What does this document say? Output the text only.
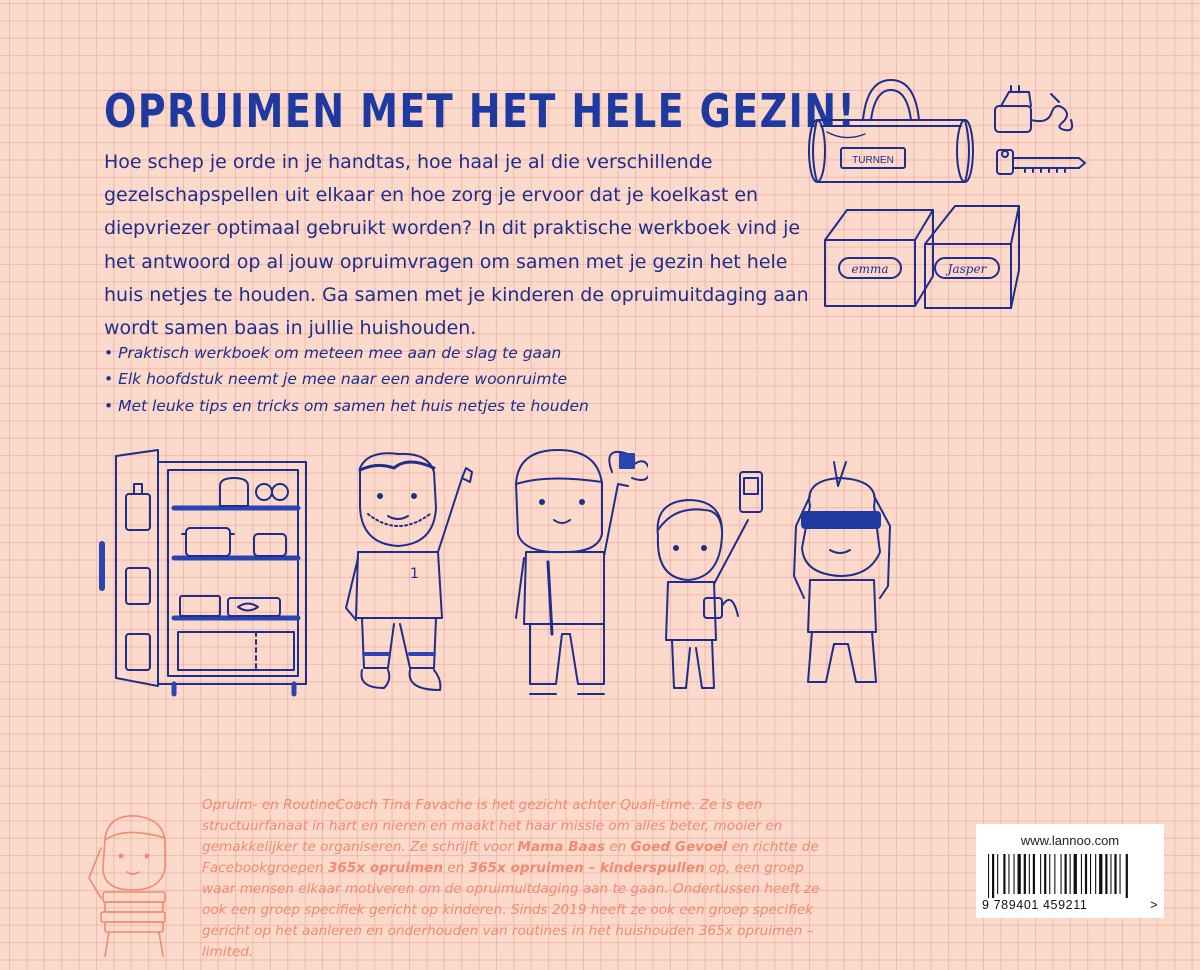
OPRUIMEN MET HET HELE GEZIN!

Hoe schep je orde in je handtas, hoe haal je al die verschillende gezelschapspellen uit elkaar en hoe zorg je ervoor dat je koelkast en diepvriezer optimaal gebruikt worden? In dit praktische werkboek vind je het antwoord op al jouw opruimvragen om samen met je gezin het hele huis netjes te houden. Ga samen met je kinderen de opruimuitdaging aan wordt samen baas in jullie huishouden.

• Praktisch werkboek om meteen mee aan de slag te gaan
• Elk hoofdstuk neemt je mee naar een andere woonruimte
• Met leuke tips en tricks om samen het huis netjes te houden
TURNEN
emma	Jasper
1

Opruim- en RoutineCoach Tina Favache is het gezicht achter Quali-time. Ze is een structuurfanaat in hart en nieren en maakt het haar missie om alles beter, mooier en gemakkelijker te organiseren. Ze schrijft voor Mama Baas en Goed Gevoel en richtte de Facebookgroepen 365x opruimen en 365x opruimen – kinderspullen op, een groep waar mensen elkaar motiveren om de opruimuitdaging aan te gaan. Ondertussen heeft ze ook een groep specifiek gericht op kinderen. Sinds 2019 heeft ze ook een groep specifiek gericht op het aanleren en onderhouden van routines in het huishouden 365x opruimen – limited.

www.lannoo.com
9 789401 459211	>
